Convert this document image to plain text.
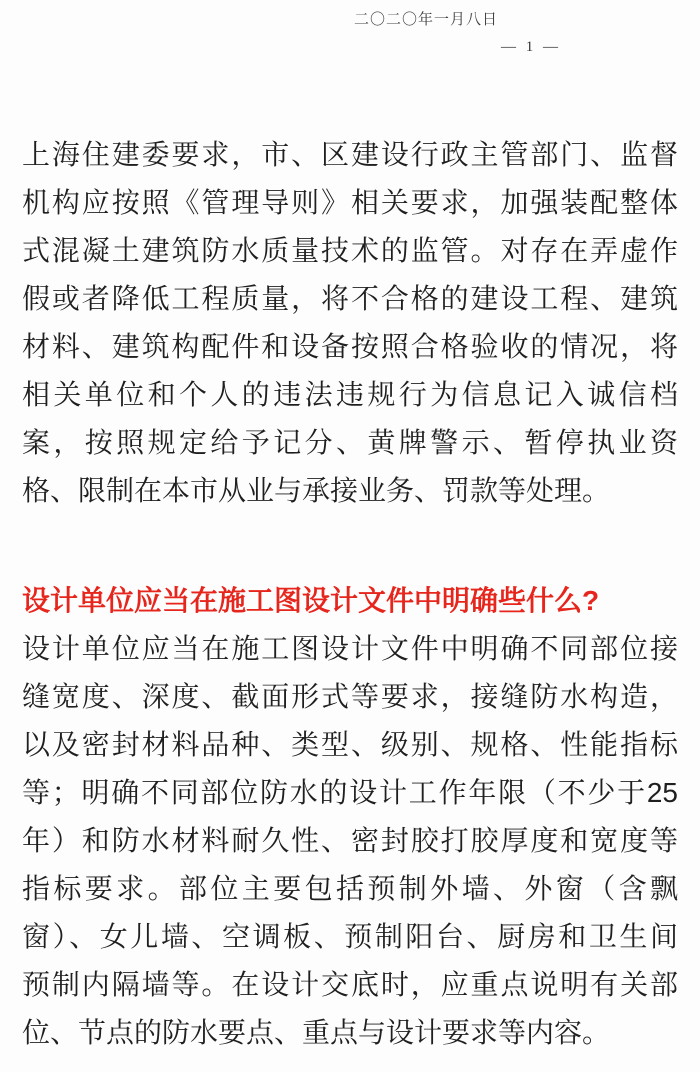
二〇二〇年一月八日
— 1 —
上海住建委要求，市、区建设行政主管部门、监督
机构应按照《管理导则》相关要求，加强装配整体
式混凝土建筑防水质量技术的监管。对存在弄虚作
假或者降低工程质量，将不合格的建设工程、建筑
材料、建筑构配件和设备按照合格验收的情况，将
相关单位和个人的违法违规行为信息记入诚信档
案，按照规定给予记分、黄牌警示、暂停执业资
格、限制在本市从业与承接业务、罚款等处理。
设计单位应当在施工图设计文件中明确些什么?
设计单位应当在施工图设计文件中明确不同部位接
缝宽度、深度、截面形式等要求，接缝防水构造，
以及密封材料品种、类型、级别、规格、性能指标
等；明确不同部位防水的设计工作年限（不少于25
年）和防水材料耐久性、密封胶打胶厚度和宽度等
指标要求。部位主要包括预制外墙、外窗（含飘
窗）、女儿墙、空调板、预制阳台、厨房和卫生间
预制内隔墙等。在设计交底时，应重点说明有关部
位、节点的防水要点、重点与设计要求等内容。
